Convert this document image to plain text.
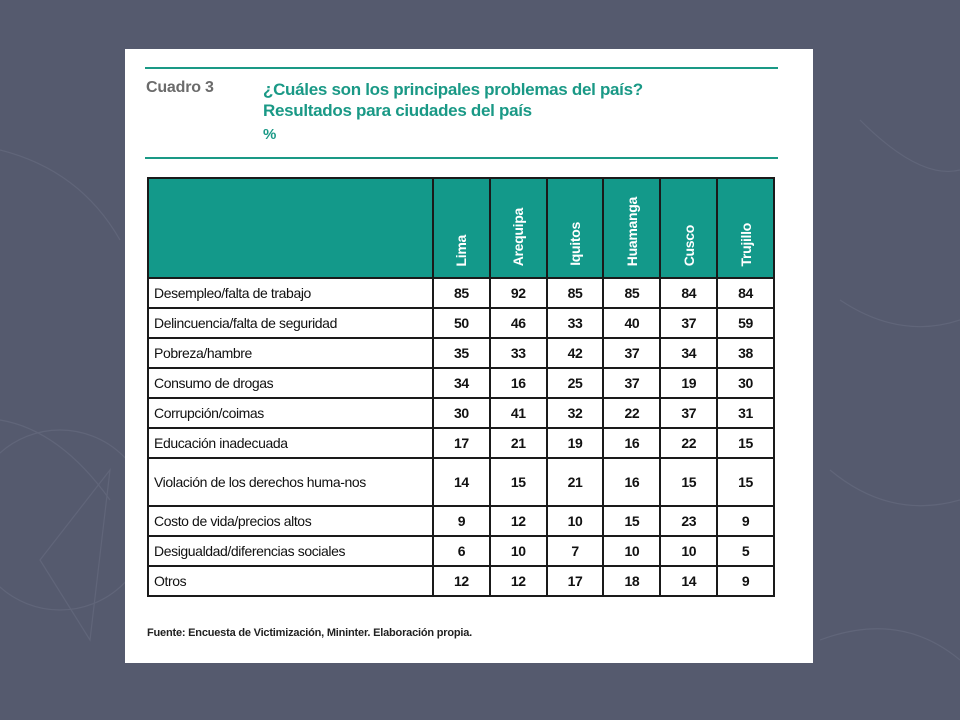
Cuadro 3	¿Cuáles son los principales problemas del país?
Resultados para ciudades del país
%
	Lima	Arequipa	Iquitos	Huamanga	Cusco	Trujillo
Desempleo/falta de trabajo	85	92	85	85	84	84
Delincuencia/falta de seguridad	50	46	33	40	37	59
Pobreza/hambre	35	33	42	37	34	38
Consumo de drogas	34	16	25	37	19	30
Corrupción/coimas	30	41	32	22	37	31
Educación inadecuada	17	21	19	16	22	15
Violación de los derechos huma-nos	14	15	21	16	15	15
Costo de vida/precios altos	9	12	10	15	23	9
Desigualdad/diferencias sociales	6	10	7	10	10	5
Otros	12	12	17	18	14	9
Fuente: Encuesta de Victimización, Mininter. Elaboración propia.
